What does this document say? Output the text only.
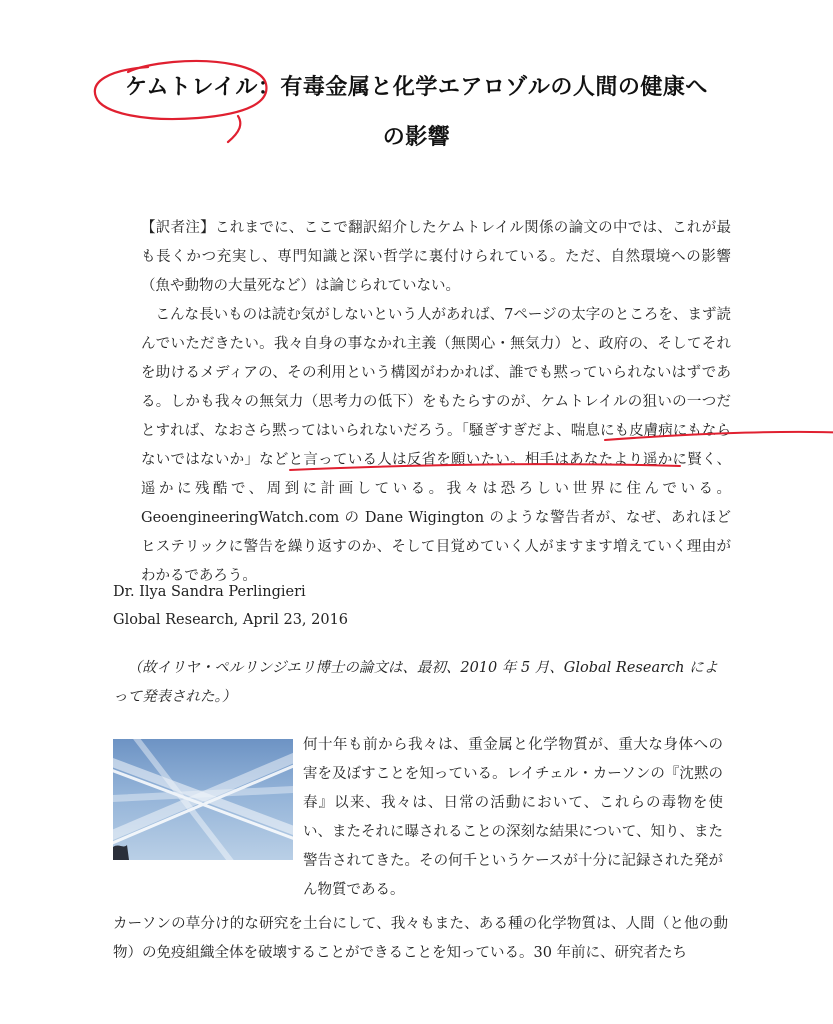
ケムトレイル：有毒金属と化学エアロゾルの人間の健康へ
の影響

【訳者注】これまでに、ここで翻訳紹介したケムトレイル関係の論文の中では、これが最も長くかつ充実し、専門知識と深い哲学に裏付けられている。ただ、自然環境への影響（魚や動物の大量死など）は論じられていない。

こんな長いものは読む気がしないという人があれば、7ページの太字のところを、まず読んでいただきたい。我々自身の事なかれ主義（無関心・無気力）と、政府の、そしてそれを助けるメディアの、その利用という構図がわかれば、誰でも黙っていられないはずである。しかも我々の無気力（思考力の低下）をもたらすのが、ケムトレイルの狙いの一つだとすれば、なおさら黙ってはいられないだろう。「騒ぎすぎだよ、喘息にも皮膚病にもならないではないか」などと言っている人は反省を願いたい。相手はあなたより遥かに賢く、遥かに残酷で、周到に計画している。我々は恐ろしい世界に住んでいる。GeoengineeringWatch.com の Dane Wigington のような警告者が、なぜ、あれほどヒステリックに警告を繰り返すのか、そして目覚めていく人がますます増えていく理由がわかるであろう。

Dr. Ilya Sandra Perlingieri
Global Research, April 23, 2016
（故イリヤ・ペルリンジエリ博士の論文は、最初、2010 年 5 月、Global Research によって発表された。）
何十年も前から我々は、重金属と化学物質が、重大な身体への害を及ぼすことを知っている。レイチェル・カーソンの『沈黙の春』以来、我々は、日常の活動において、これらの毒物を使い、またそれに曝されることの深刻な結果について、知り、また警告されてきた。その何千というケースが十分に記録された発がん物質である。
カーソンの草分け的な研究を土台にして、我々もまた、ある種の化学物質は、人間（と他の動物）の免疫組織全体を破壊することができることを知っている。30 年前に、研究者たち
